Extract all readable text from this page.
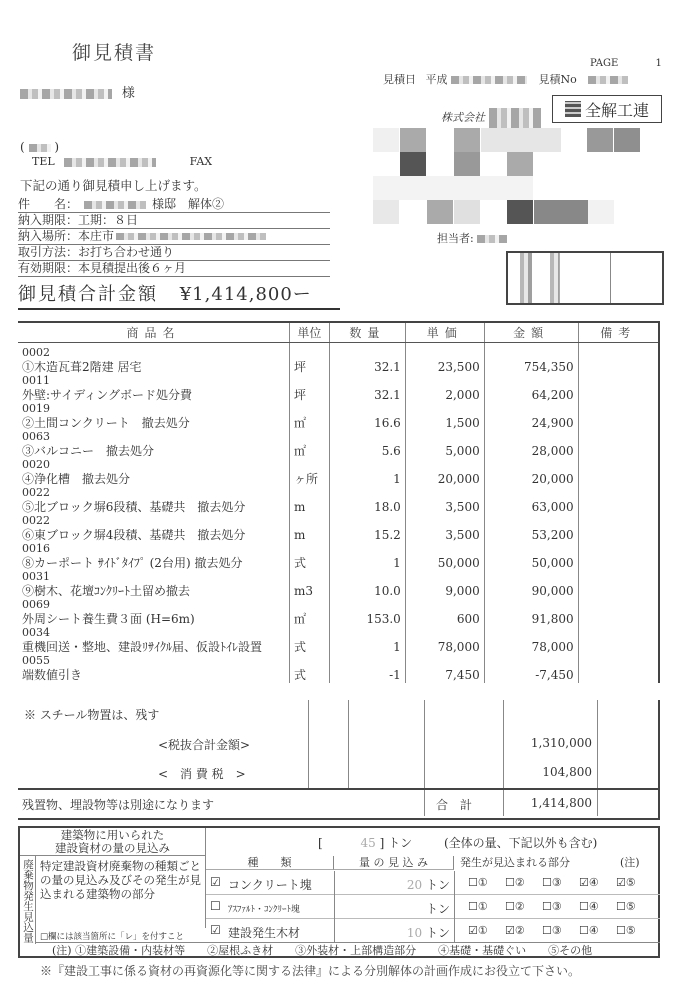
御見積書
様
( )
TEL	FAX
下記の通り御見積申し上げます。
PAGE	1
見積日 平成	見積No
株式会社	全解工連
担当者:
件　　名：	様邸　解体②
納入期限：工期：８日
納入場所：本庄市
取引方法：お打ち合わせ通り
有効期限：本見積提出後６ヶ月
御見積合計金額 ¥1,414,800ー
商品名	単位	数量	単価	金額	備考

0002					
①木造瓦葺2階建 居宅	坪	32.1	23,500	754,350	
0011					
外壁:サイディングボード処分費	坪	32.1	2,000	64,200	
0019					
②土間コンクリート　撤去処分	㎡	16.6	1,500	24,900	
0063					
③バルコニー　撤去処分	㎡	5.6	5,000	28,000	
0020					
④浄化槽　撤去処分	ヶ所	1	20,000	20,000	
0022					
⑤北ブロック塀6段積、基礎共　撤去処分	m	18.0	3,500	63,000	
0022					
⑥東ブロック塀4段積、基礎共　撤去処分	m	15.2	3,500	53,200	
0016					
⑧カーポート ｻｲﾄﾞﾀｲﾌﾟ (2台用) 撤去処分	式	1	50,000	50,000	
0031					
⑨樹木、花壇ｺﾝｸﾘｰﾄ土留め撤去	m3	10.0	9,000	90,000	
0069					
外周シート養生費３面 (H=6m)	㎡	153.0	600	91,800	
0034					
重機回送・整地、建設ﾘｻｲｸﾙ届、仮設ﾄｲﾚ設置	式	1	78,000	78,000	
0055					
端数値引き	式	-1	7,450	-7,450	
※ スチール物置は、残す
<税抜合計金額>	1,310,000
<　消 費 税　>	104,800
残置物、埋設物等は別途になります	合　計	1,414,800
建築物に用いられた
建設資材の量の見込み	[	45 ] トン	(全体の量、下記以外も含む)
廃棄物発生見込量 特定建設資材廃棄物の種類ごとの量の見込み及びその発生が見込まれる建築物の部分
□欄には該当箇所に「レ」を付すこと
種　　類	量 の 見 込 み	発生が見込まれる部分	(注)
☑ コンクリート塊	20 トン ☐① ☐② ☐③ ☑④ ☑⑤
☐ ｱｽﾌｧﾙﾄ・ｺﾝｸﾘｰﾄ塊	トン ☐① ☐② ☐③ ☐④ ☐⑤
☑ 建設発生木材	10 トン ☑① ☑② ☐③ ☐④ ☐⑤
(注) ①建築設備・内装材等　　②屋根ふき材　　③外装材・上部構造部分　　④基礎・基礎ぐい　　⑤その他
※『建設工事に係る資材の再資源化等に関する法律』による分別解体の計画作成にお役立て下さい。
